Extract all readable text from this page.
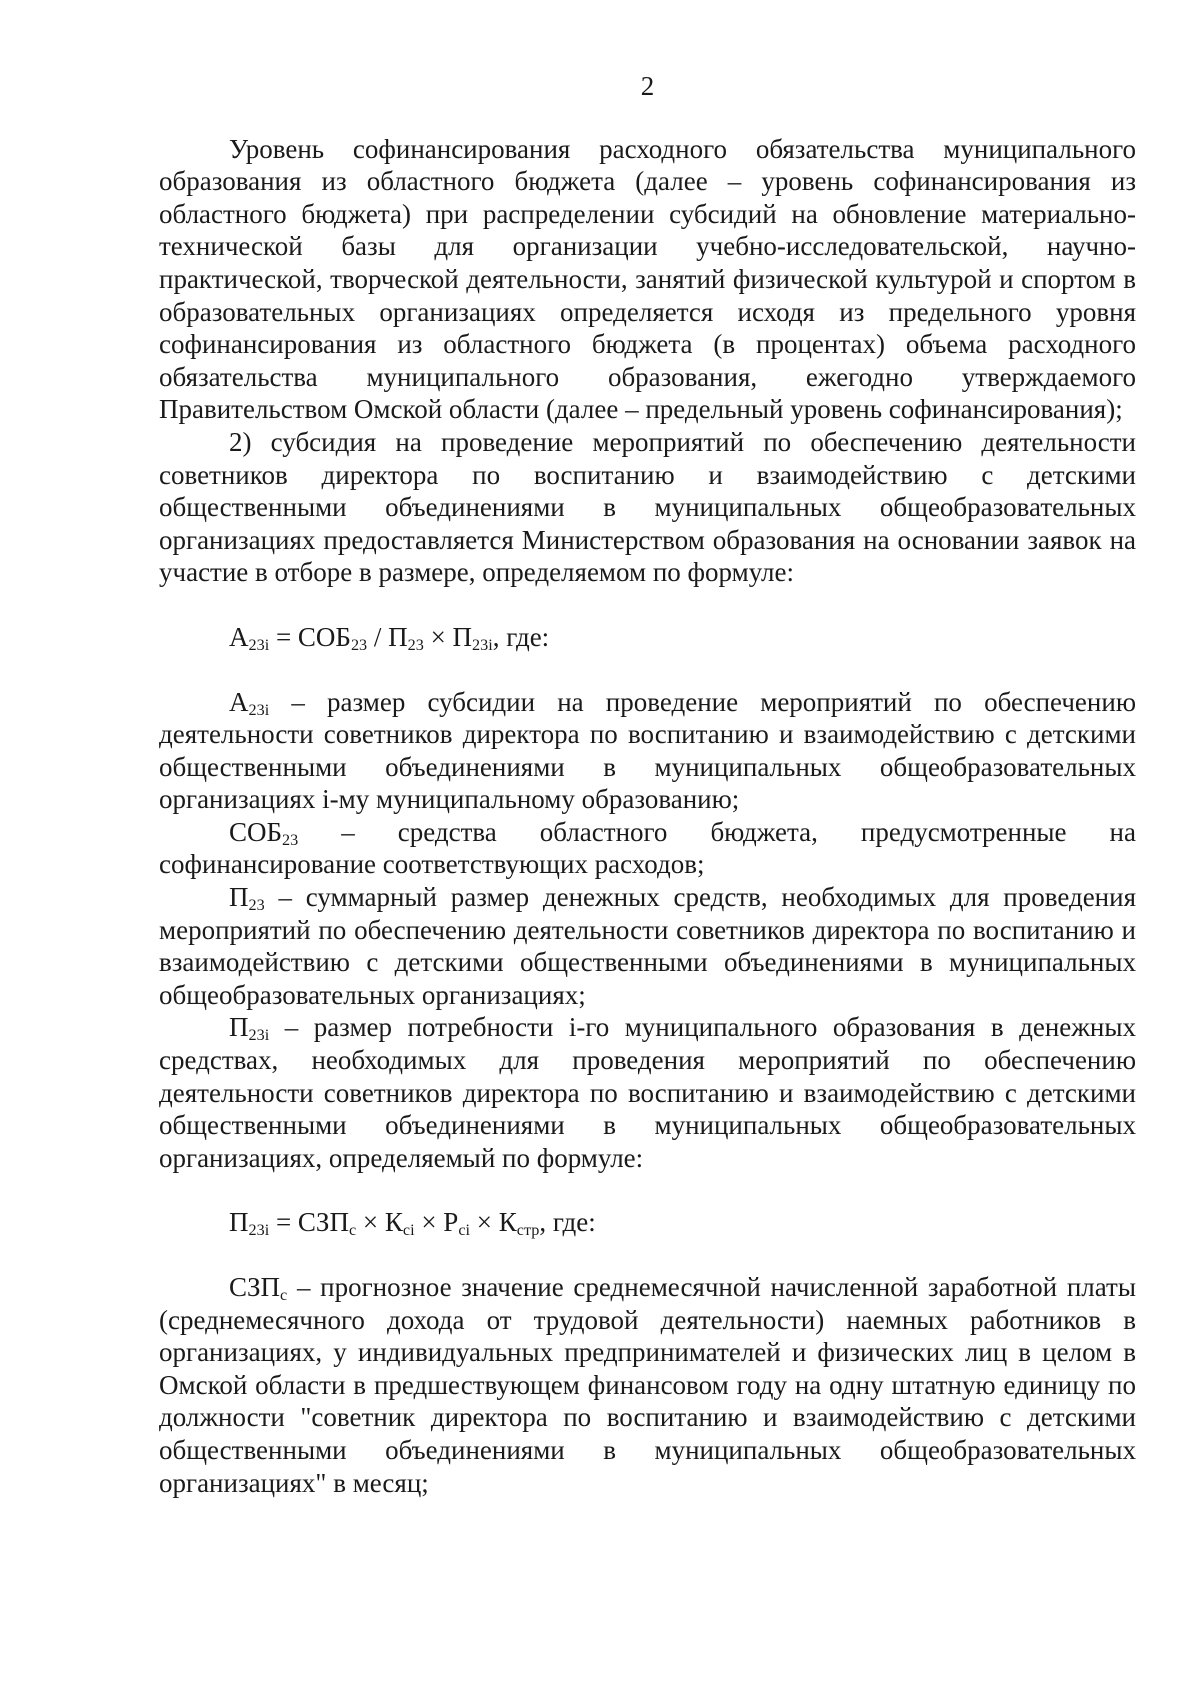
2

Уровень софинансирования расходного обязательства муниципального образования из областного бюджета (далее – уровень софинансирования из областного бюджета) при распределении субсидий на обновление материально-технической базы для организации учебно-исследовательской, научно-практической, творческой деятельности, занятий физической культурой и спортом в образовательных организациях определяется исходя из предельного уровня софинансирования из областного бюджета (в процентах) объема расходного обязательства муниципального образования, ежегодно утверждаемого Правительством Омской области (далее – предельный уровень софинансирования);

2) субсидия на проведение мероприятий по обеспечению деятельности советников директора по воспитанию и взаимодействию с детскими общественными объединениями в муниципальных общеобразовательных организациях предоставляется Министерством образования на основании заявок на участие в отборе в размере, определяемом по формуле:

$А_{23i} = СОБ_{23} / П_{23} \times П_{23i}$, где:

$А_{23i}$ – размер субсидии на проведение мероприятий по обеспечению деятельности советников директора по воспитанию и взаимодействию с детскими общественными объединениями в муниципальных общеобразовательных организациях i-му муниципальному образованию;

$СОБ_{23}$ – средства областного бюджета, предусмотренные на софинансирование соответствующих расходов;

$П_{23}$ – суммарный размер денежных средств, необходимых для проведения мероприятий по обеспечению деятельности советников директора по воспитанию и взаимодействию с детскими общественными объединениями в муниципальных общеобразовательных организациях;

$П_{23i}$ – размер потребности i-го муниципального образования в денежных средствах, необходимых для проведения мероприятий по обеспечению деятельности советников директора по воспитанию и взаимодействию с детскими общественными объединениями в муниципальных общеобразовательных организациях, определяемый по формуле:

$П_{23i} = СЗП_с \times К_{сi} \times Р_{сi} \times К_{стр}$, где:

$СЗП_с$ – прогнозное значение среднемесячной начисленной заработной платы (среднемесячного дохода от трудовой деятельности) наемных работников в организациях, у индивидуальных предпринимателей и физических лиц в целом в Омской области в предшествующем финансовом году на одну штатную единицу по должности "советник директора по воспитанию и взаимодействию с детскими общественными объединениями в муниципальных общеобразовательных организациях" в месяц;
